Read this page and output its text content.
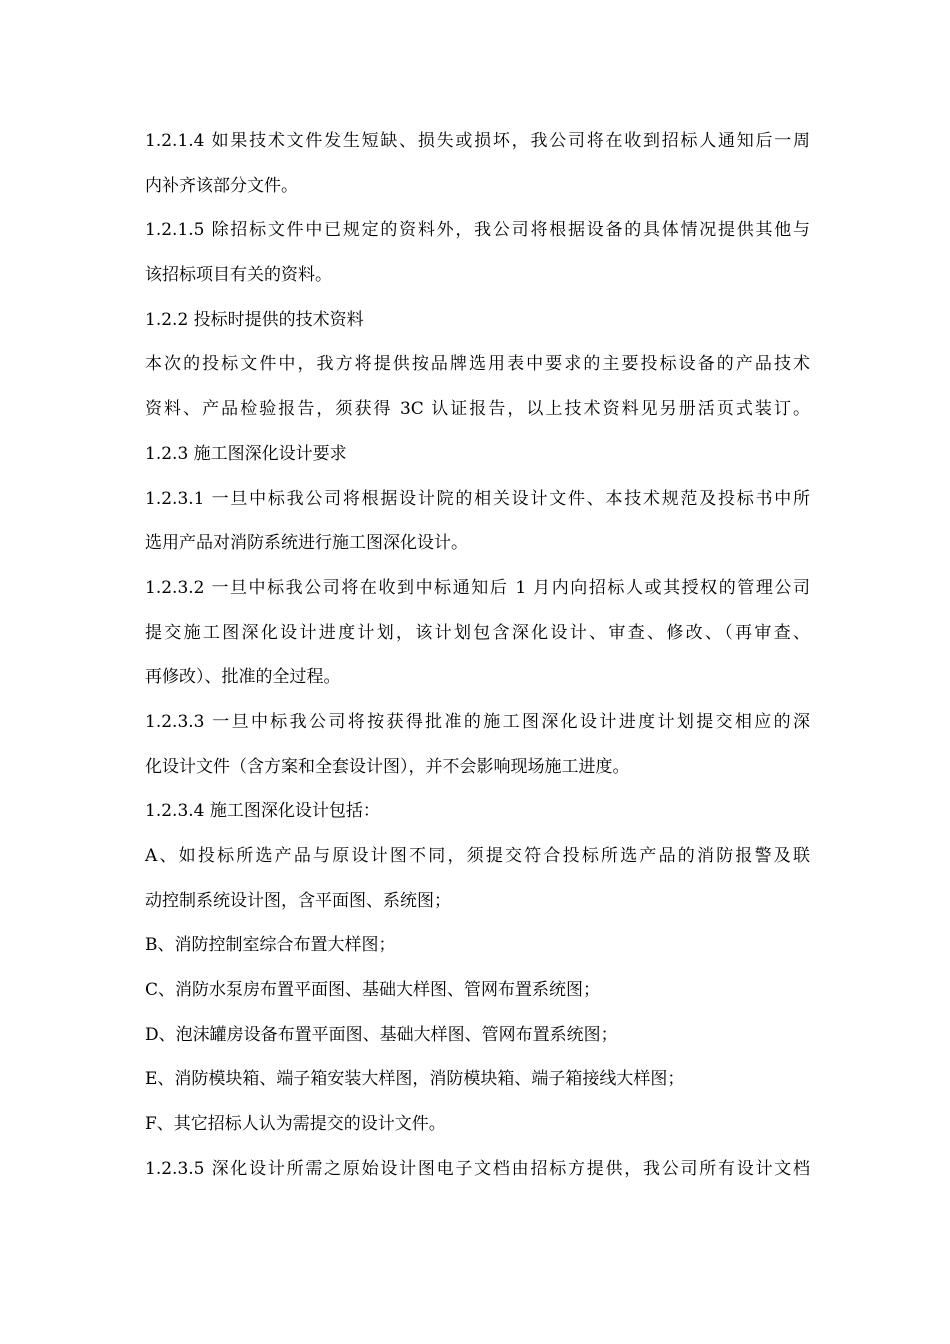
1.2.1.4 如果技术文件发生短缺、损失或损坏，我公司将在收到招标人通知后一周
内补齐该部分文件。
1.2.1.5 除招标文件中已规定的资料外，我公司将根据设备的具体情况提供其他与
该招标项目有关的资料。
1.2.2 投标时提供的技术资料
本次的投标文件中，我方将提供按品牌选用表中要求的主要投标设备的产品技术
资料、产品检验报告，须获得 3C 认证报告，以上技术资料见另册活页式装订。
1.2.3 施工图深化设计要求
1.2.3.1 一旦中标我公司将根据设计院的相关设计文件、本技术规范及投标书中所
选用产品对消防系统进行施工图深化设计。
1.2.3.2 一旦中标我公司将在收到中标通知后 1 月内向招标人或其授权的管理公司
提交施工图深化设计进度计划，该计划包含深化设计、审查、修改、（再审查、
再修改）、批准的全过程。
1.2.3.3 一旦中标我公司将按获得批准的施工图深化设计进度计划提交相应的深
化设计文件（含方案和全套设计图），并不会影响现场施工进度。
1.2.3.4 施工图深化设计包括：
A、如投标所选产品与原设计图不同，须提交符合投标所选产品的消防报警及联
动控制系统设计图，含平面图、系统图；
B、消防控制室综合布置大样图；
C、消防水泵房布置平面图、基础大样图、管网布置系统图；
D、泡沫罐房设备布置平面图、基础大样图、管网布置系统图；
E、消防模块箱、端子箱安装大样图，消防模块箱、端子箱接线大样图；
F、其它招标人认为需提交的设计文件。
1.2.3.5 深化设计所需之原始设计图电子文档由招标方提供，我公司所有设计文档
